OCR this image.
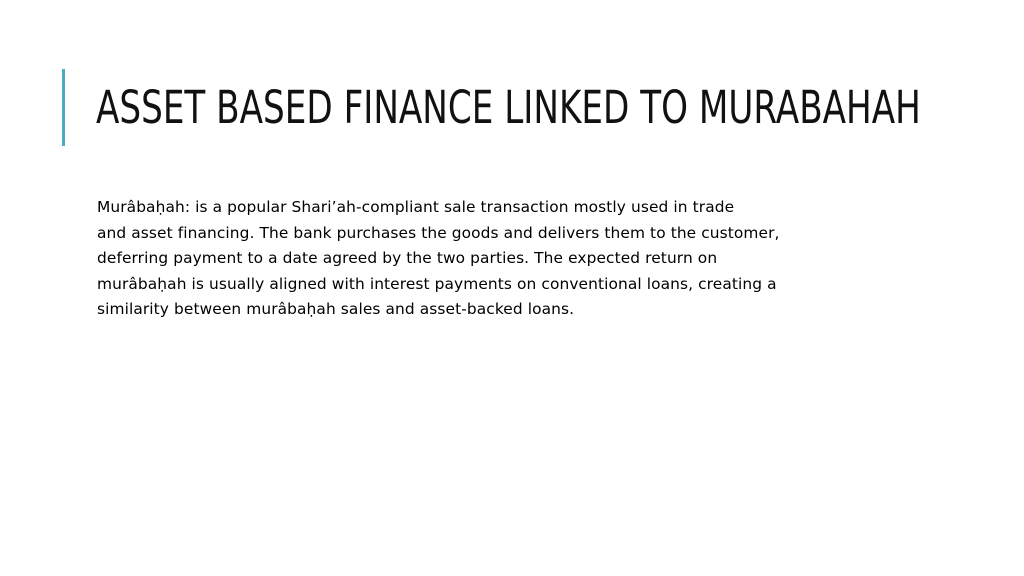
ASSET BASED FINANCE LINKED TO MURABAHAH

Murâbaḥah: is a popular Shari’ah-compliant sale transaction mostly used in trade
and asset financing. The bank purchases the goods and delivers them to the customer,
deferring payment to a date agreed by the two parties. The expected return on
murâbaḥah is usually aligned with interest payments on conventional loans, creating a
similarity between murâbaḥah sales and asset-backed loans.
